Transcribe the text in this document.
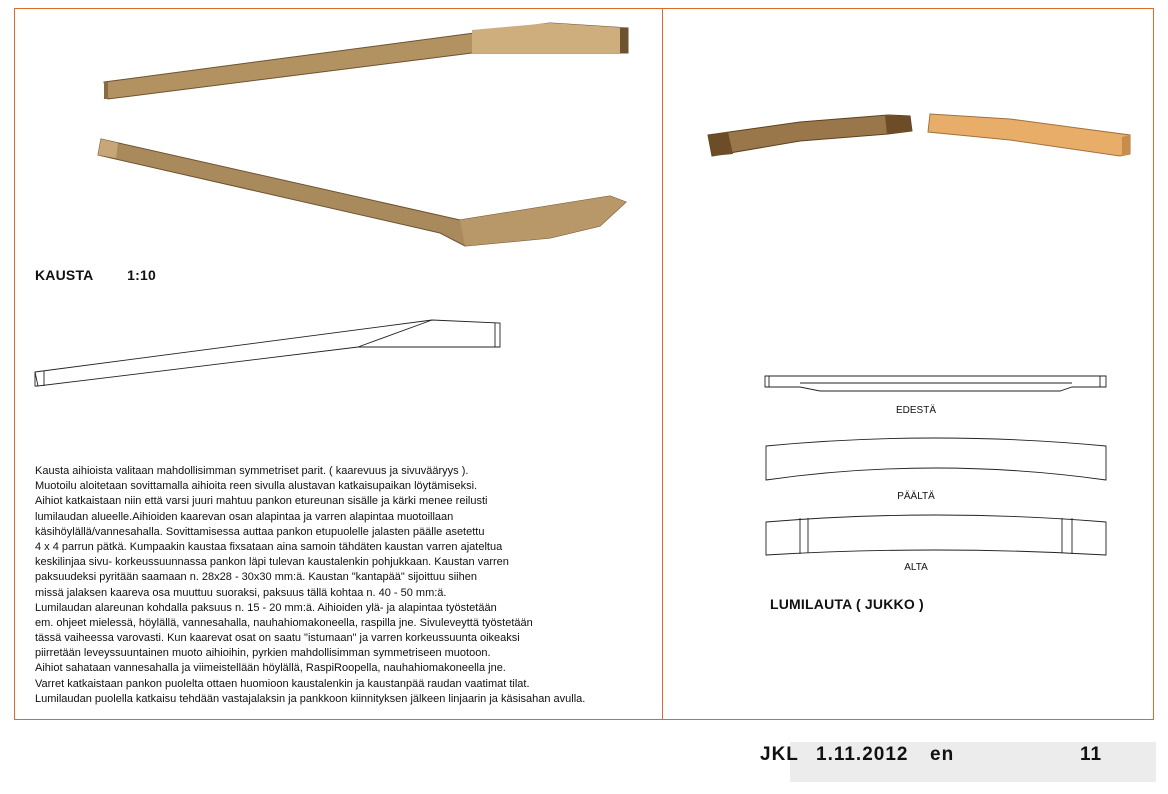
KAUSTA 1:10
EDESTÄ
PÄÄLTÄ
ALTA
LUMILAUTA ( JUKKO )
Kausta aihioista valitaan mahdollisimman symmetriset parit. ( kaarevuus ja sivuvääryys ).
Muotoilu aloitetaan sovittamalla aihioita reen sivulla alustavan katkaisupaikan löytämiseksi.
Aihiot katkaistaan niin että varsi juuri mahtuu pankon etureunan sisälle ja kärki menee reilusti
lumilaudan alueelle.Aihioiden kaarevan osan alapintaa ja varren alapintaa muotoillaan
käsihöylällä/vannesahalla. Sovittamisessa auttaa pankon etupuolelle jalasten päälle asetettu
4 x 4 parrun pätkä. Kumpaakin kaustaa fixsataan aina samoin tähdäten kaustan varren ajateltua
keskilinjaa sivu- korkeussuunnassa pankon läpi tulevan kaustalenkin pohjukkaan. Kaustan varren
paksuudeksi pyritään saamaan n. 28x28 - 30x30 mm:ä. Kaustan "kantapää" sijoittuu siihen
missä jalaksen kaareva osa muuttuu suoraksi, paksuus tällä kohtaa n. 40 - 50 mm:ä.
Lumilaudan alareunan kohdalla paksuus n. 15 - 20 mm:ä. Aihioiden ylä- ja alapintaa työstetään
em. ohjeet mielessä, höylällä, vannesahalla, nauhahiomakoneella, raspilla jne. Sivuleveyttä työstetään
tässä vaiheessa varovasti. Kun kaarevat osat on saatu "istumaan" ja varren korkeussuunta oikeaksi
piirretään leveyssuuntainen muoto aihioihin, pyrkien mahdollisimman symmetriseen muotoon.
Aihiot sahataan vannesahalla ja viimeistellään höylällä, RaspiRoopella, nauhahiomakoneella jne.
Varret katkaistaan pankon puolelta ottaen huomioon kaustalenkin ja kaustanpää raudan vaatimat tilat.
Lumilaudan puolella katkaisu tehdään vastajalaksin ja pankkoon kiinnityksen jälkeen linjaarin ja käsisahan avulla.
JKL 1.11.2012 en	11
